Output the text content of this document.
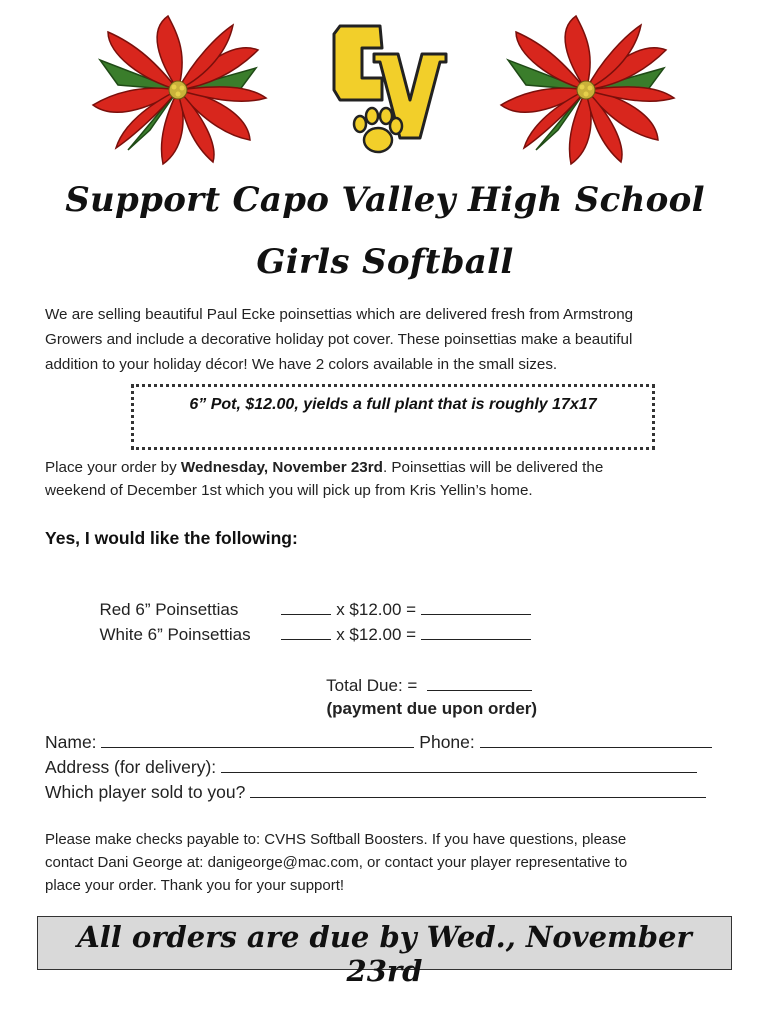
Support Capo Valley High School
Girls Softball
We are selling beautiful Paul Ecke poinsettias which are delivered fresh from Armstrong
Growers and include a decorative holiday pot cover. These poinsettias make a beautiful
addition to your holiday décor! We have 2 colors available in the small sizes.
6” Pot, $12.00, yields a full plant that is roughly 17x17
Place your order by Wednesday, November 23rd. Poinsettias will be delivered the
weekend of December 1st which you will pick up from Kris Yellin’s home.
Yes, I would like the following:

Red 6” Poinsettias	x $12.00 =

White 6” Poinsettias	x $12.00 =

Total Due: =

(payment due upon order)

Name:	Phone:
Address (for delivery):
Which player sold to you?
Please make checks payable to: CVHS Softball Boosters. If you have questions, please
contact Dani George at: danigeorge@mac.com, or contact your player representative to
place your order. Thank you for your support!
All orders are due by Wed., November 23rd
